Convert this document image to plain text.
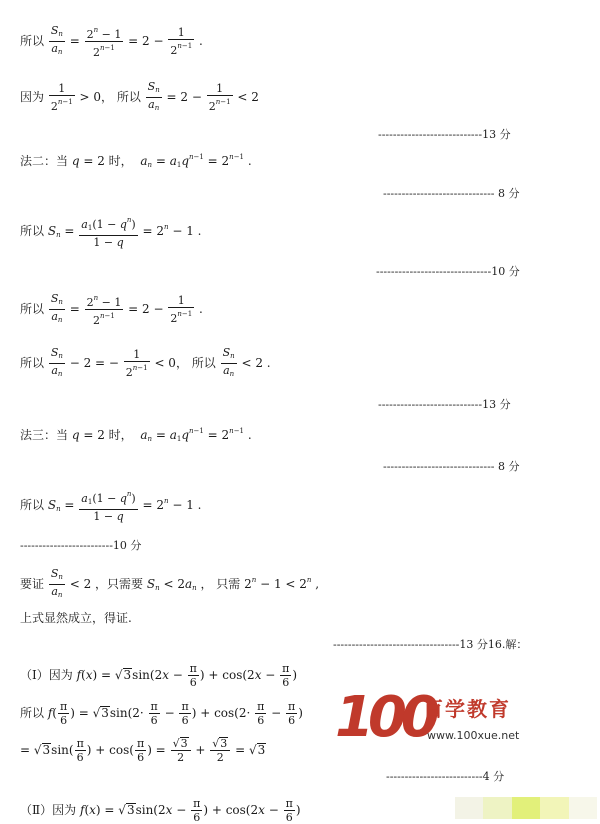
所以 $\frac{S_n}{a_n} = \frac{2^n - 1}{2^{n-1}} = 2 - \frac{1}{2^{n-1}}$ .
因为 $\frac{1}{2^{n-1}} > 0$， 所以 $\frac{S_n}{a_n} = 2 - \frac{1}{2^{n-1}} < 2$
----------------------------13 分
法二：当 q = 2 时， $a_n = a_1q^{n-1} = 2^{n-1}$ .
------------------------------ 8 分
所以 $S_n = \frac{a_1(1 - q^n)}{1 - q} = 2^n - 1$ .
-------------------------------10 分
所以 $\frac{S_n}{a_n} = \frac{2^n - 1}{2^{n-1}} = 2 - \frac{1}{2^{n-1}}$ .
所以 $\frac{S_n}{a_n} - 2$ = − $\frac{1}{2^{n-1}} < 0$， 所以 $\frac{S_n}{a_n} < 2$ .
----------------------------13 分
法三：当 q = 2 时， $a_n = a_1q^{n-1} = 2^{n-1}$ .
------------------------------ 8 分
所以 $S_n = \frac{a_1(1 - q^n)}{1 - q} = 2^n - 1$ .
-------------------------10 分
要证 $\frac{S_n}{a_n} < 2$ ，只需要 $S_n < 2a_n$ ， 只需 $2^n - 1 < 2^n$ ,
上式显然成立，得证.
----------------------------------13 分16.解：
（Ⅰ）因为 $f(x) = √3\sin(2x - \frac{\pi}{6}$ ) + $\cos(2x - \frac{\pi}{6}$ )
所以 $f( \frac{\pi}{6}$ ) = $√3\sin(2\cdot \frac{\pi}{6} - \frac{\pi}{6}$ ) + $\cos(2\cdot \frac{\pi}{6} - \frac{\pi}{6}$ )
= $√3\sin( \frac{\pi}{6}$ ) + $\cos( \frac{\pi}{6}$ ) = $\frac{√3}{2} + \frac{√3}{2} = √3$
--------------------------4 分
（Ⅱ）因为 $f(x) = √3\sin(2x - \frac{\pi}{6}$ ) + $\cos(2x - \frac{\pi}{6}$ )
100
百学教育
www.100xue.net
